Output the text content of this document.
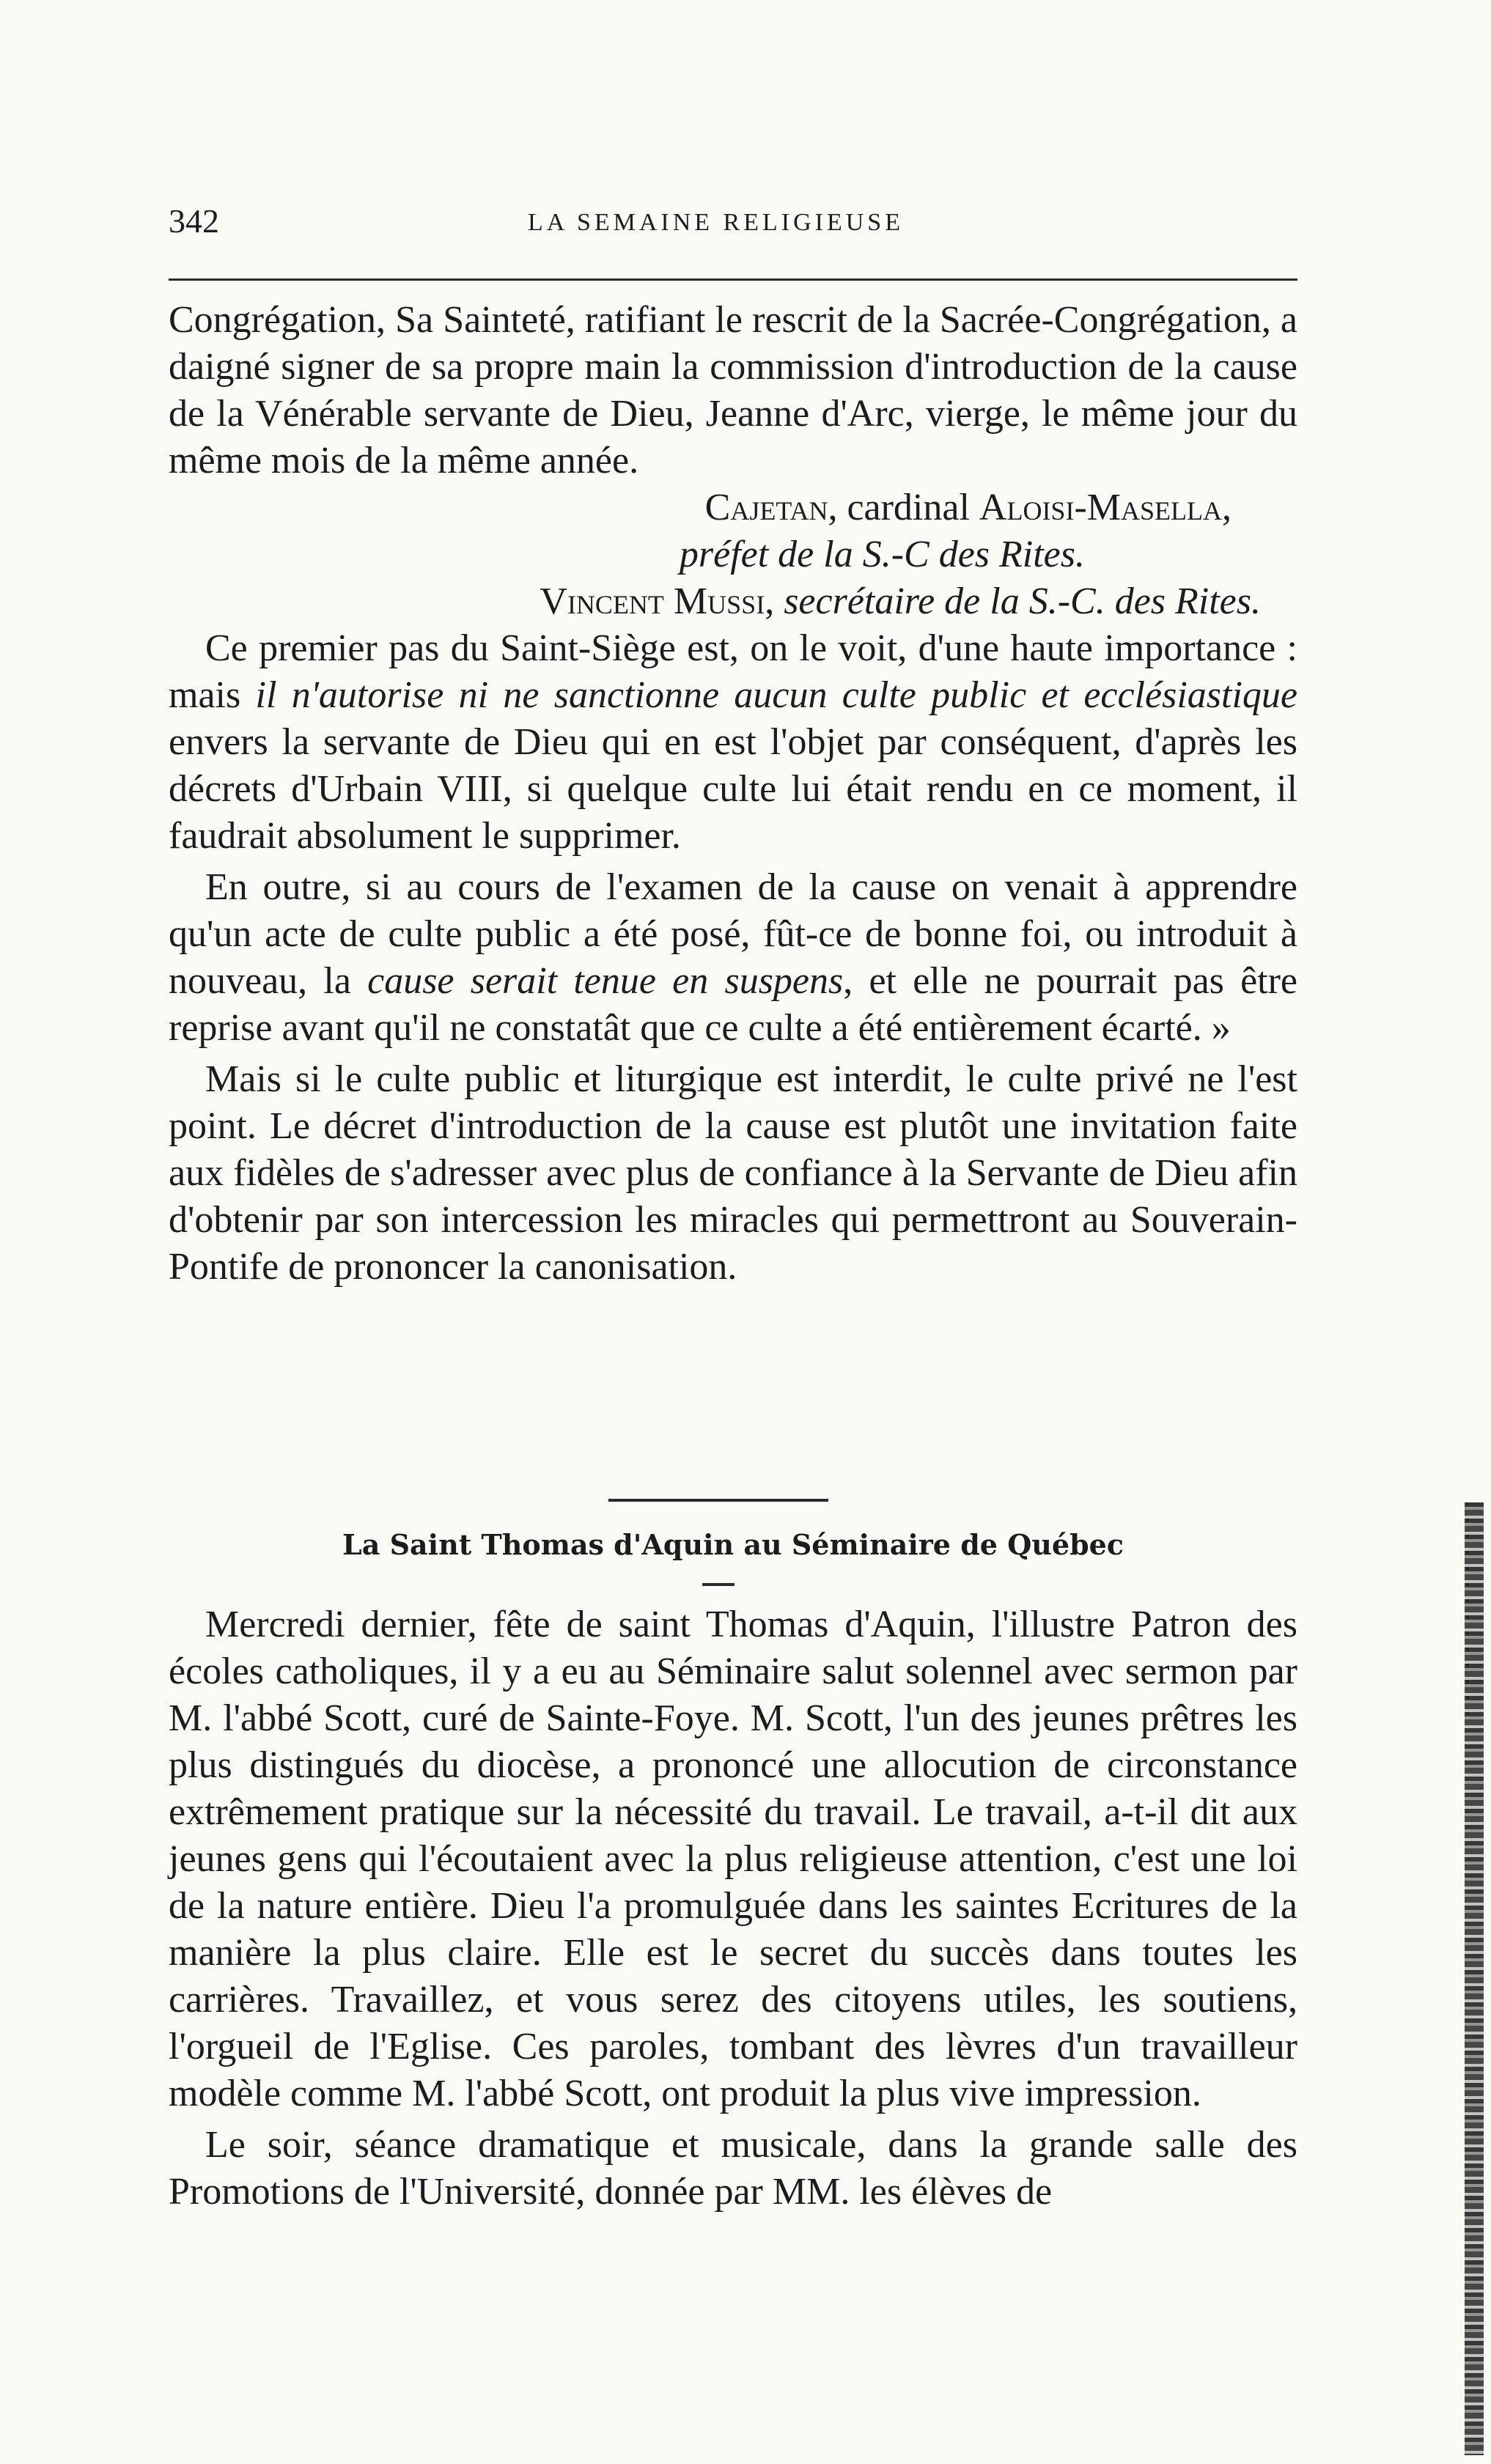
342	LA SEMAINE RELIGIEUSE

Congrégation, Sa Sainteté, ratifiant le rescrit de la Sacrée-Congrégation, a daigné signer de sa propre main la commission d'introduction de la cause de la Vénérable servante de Dieu, Jeanne d'Arc, vierge, le même jour du même mois de la même année.

Cajetan, cardinal Aloisi-Masella,

préfet de la S.-C des Rites.

Vincent Mussi, secrétaire de la S.-C. des Rites.

Ce premier pas du Saint-Siège est, on le voit, d'une haute importance : mais il n'autorise ni ne sanctionne aucun culte public et ecclésiastique envers la servante de Dieu qui en est l'objet par conséquent, d'après les décrets d'Urbain VIII, si quelque culte lui était rendu en ce moment, il faudrait absolument le supprimer.

En outre, si au cours de l'examen de la cause on venait à apprendre qu'un acte de culte public a été posé, fût-ce de bonne foi, ou introduit à nouveau, la cause serait tenue en suspens, et elle ne pourrait pas être reprise avant qu'il ne constatât que ce culte a été entièrement écarté. »

Mais si le culte public et liturgique est interdit, le culte privé ne l'est point. Le décret d'introduction de la cause est plutôt une invitation faite aux fidèles de s'adresser avec plus de confiance à la Servante de Dieu afin d'obtenir par son intercession les miracles qui permettront au Souverain-Pontife de prononcer la canonisation.

La Saint Thomas d'Aquin au Séminaire de Québec

Mercredi dernier, fête de saint Thomas d'Aquin, l'illustre Patron des écoles catholiques, il y a eu au Séminaire salut solennel avec sermon par M. l'abbé Scott, curé de Sainte-Foye. M. Scott, l'un des jeunes prêtres les plus distingués du diocèse, a prononcé une allocution de circonstance extrêmement pratique sur la nécessité du travail. Le travail, a-t-il dit aux jeunes gens qui l'écoutaient avec la plus religieuse attention, c'est une loi de la nature entière. Dieu l'a promulguée dans les saintes Ecritures de la manière la plus claire. Elle est le secret du succès dans toutes les carrières. Travaillez, et vous serez des citoyens utiles, les soutiens, l'orgueil de l'Eglise. Ces paroles, tombant des lèvres d'un travailleur modèle comme M. l'abbé Scott, ont produit la plus vive impression.

Le soir, séance dramatique et musicale, dans la grande salle des Promotions de l'Université, donnée par MM. les élèves de
